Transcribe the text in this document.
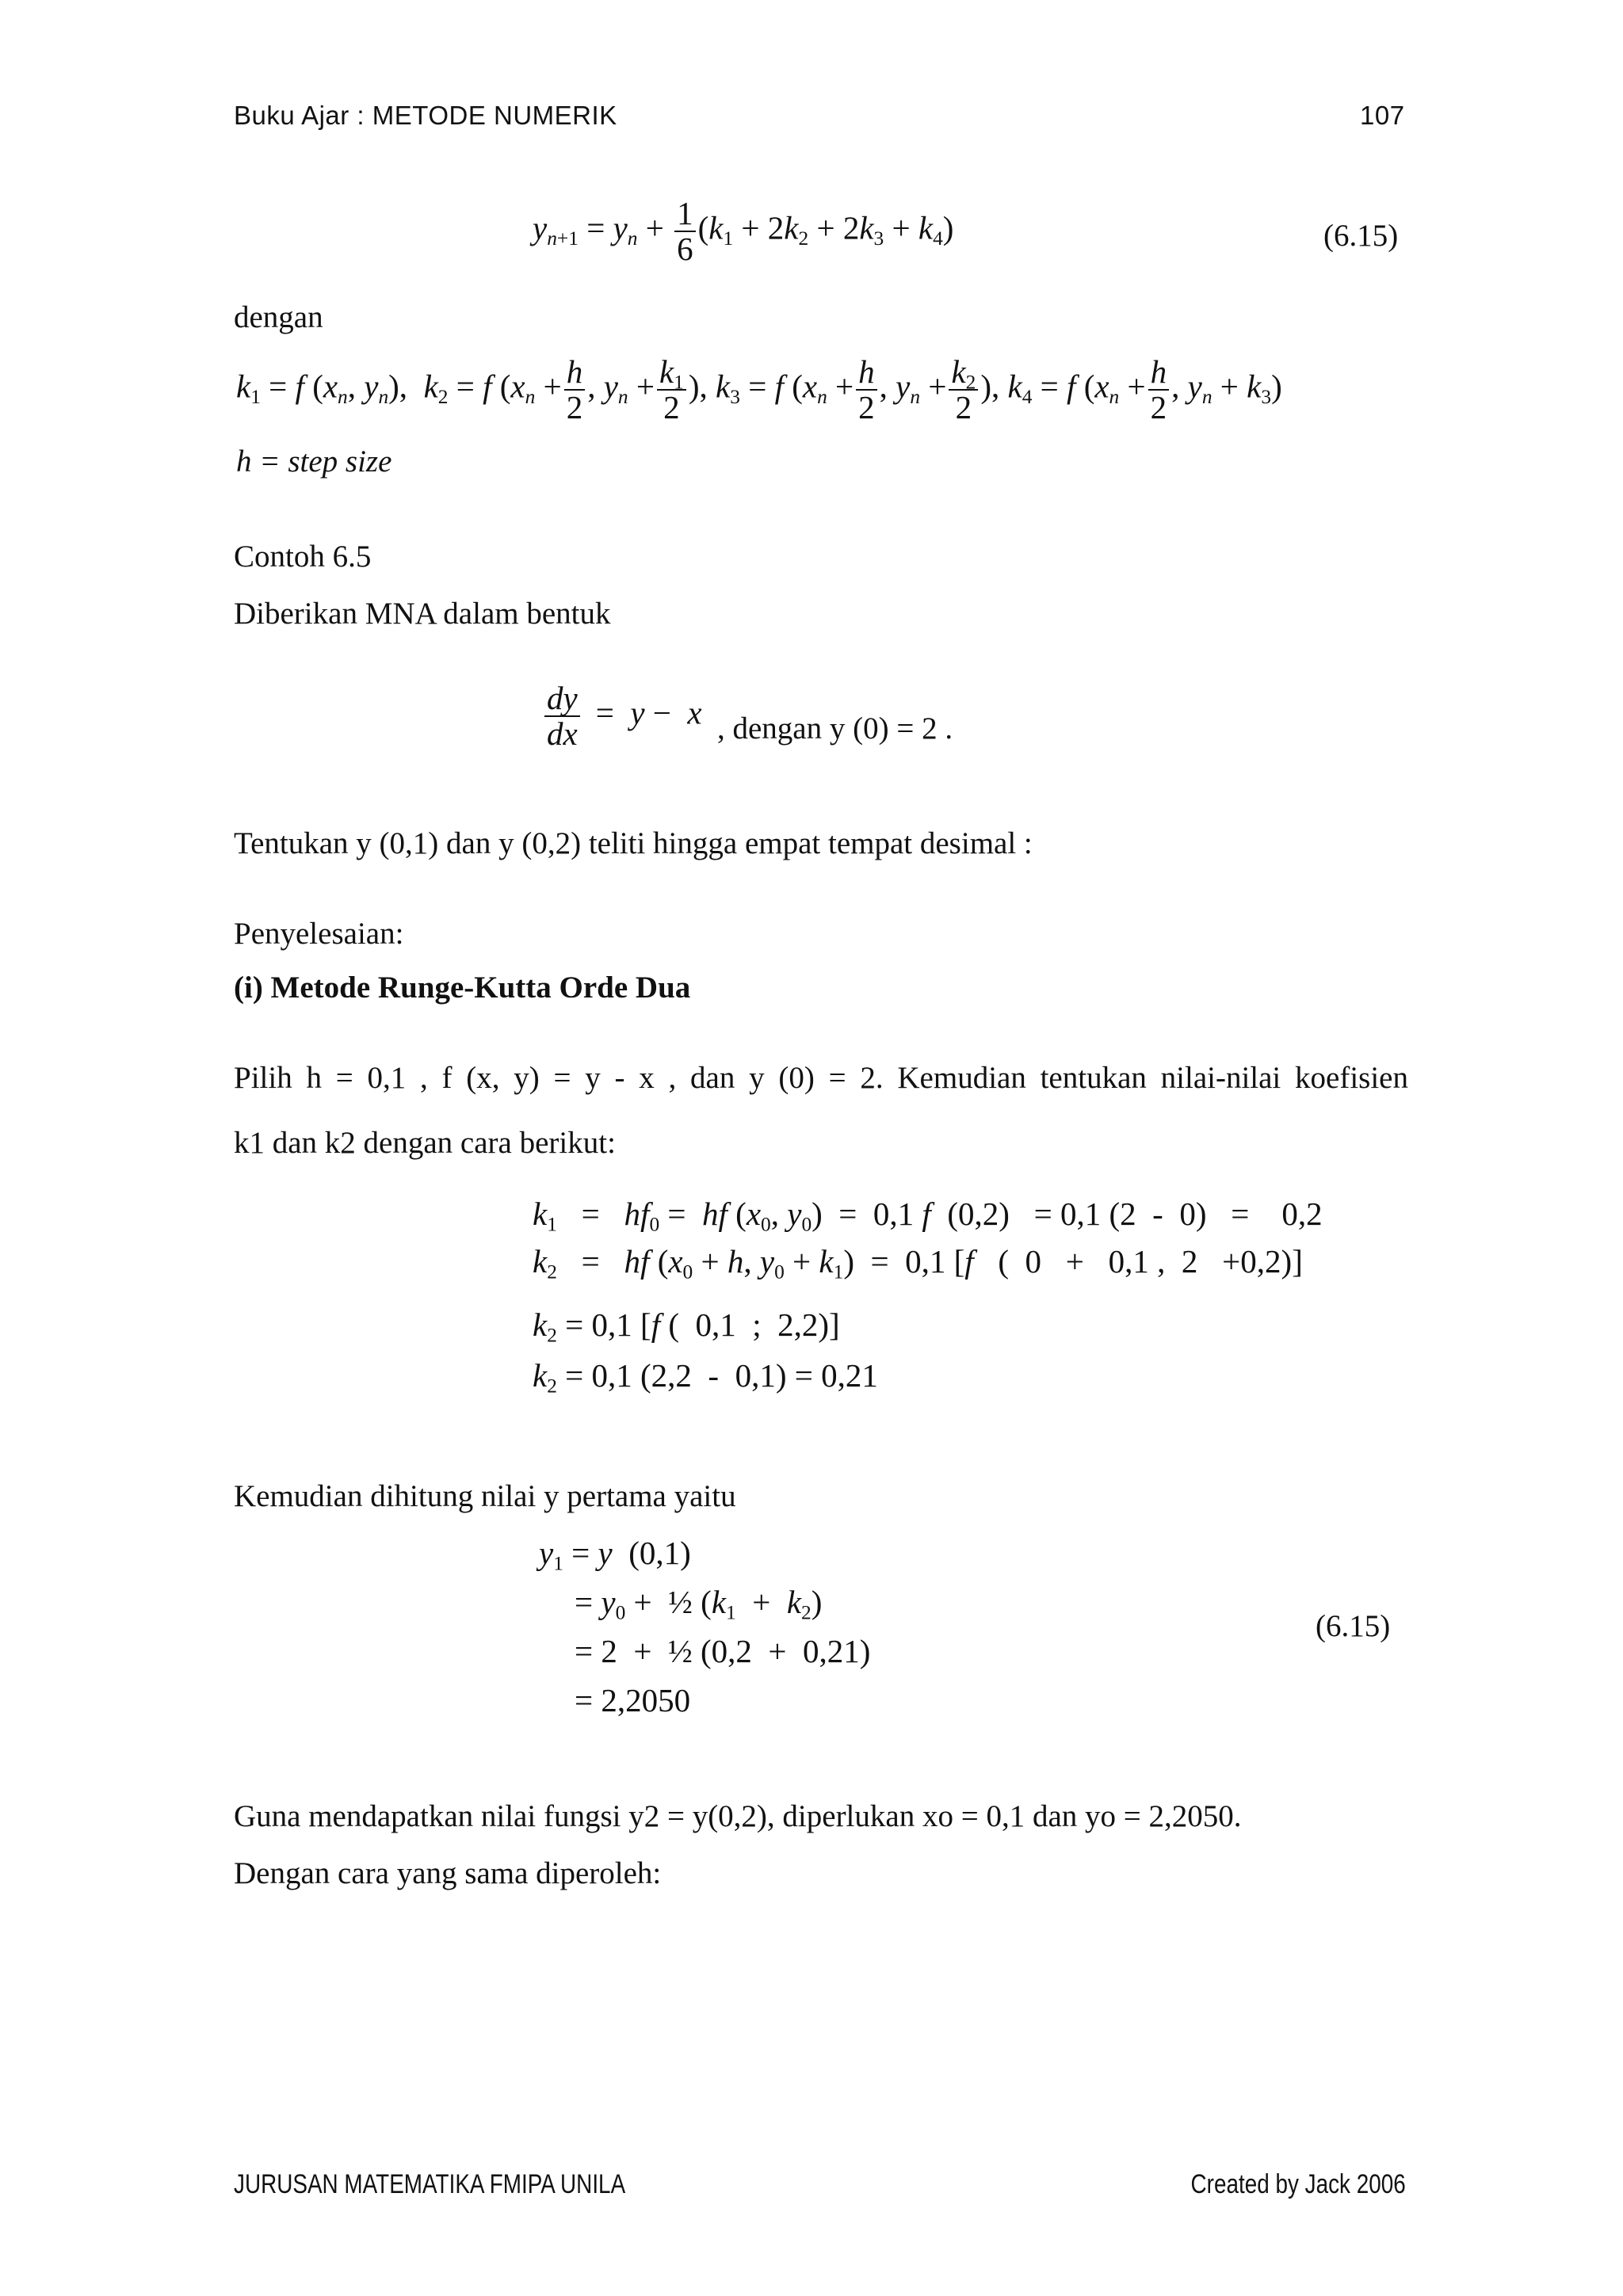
Buku Ajar : METODE NUMERIK	107
$y_{n+1} = y_n + \frac{1}{6} (k_1 + 2k_2 + 2k_3 + k_4)$	(6.15)
dengan
$k_1 = f$ ($x_n$, $y_n$),  $k_2 = f$ ($x_n + \frac{h}{2}$ , $y_n + \frac{k_1}{2}$ ), $k_3 = f$ ($x_n + \frac{h}{2}$ , $y_n + \frac{k_2}{2}$ ), $k_4 = f$ ($x_n + \frac{h}{2}$ , $y_n + k_3$)
h = step size
Contoh 6.5
Diberikan MNA dalam bentuk
$\frac{dy}{dx} = y - x$ , dengan y (0) = 2 .
Tentukan y (0,1) dan y (0,2) teliti hingga empat tempat desimal :
Penyelesaian:
(i) Metode Runge-Kutta Orde Dua
Pilih h = 0,1 , f (x, y) = y - x , dan y (0) = 2. Kemudian tentukan nilai-nilai koefisien
k1 dan k2 dengan cara berikut:
$k_1 = hf_0$ =  hf ($x_0$, $y_0) = 0,1$ f  (0,2)   = 0,1 (2  -  0)   =    0,2
$k_2$   =   hf ($x_0 + h$, $y_0 + k_1) = 0,1$ [f   (  0   +   0,1 ,  2   +0,2)]
$k_2 = 0,1$ [f (  0,1  ;  2,2)]
$k_2 = 0,1$ (2,2  -  0,1) = 0,21
Kemudian dihitung nilai y pertama yaitu
$y_1 = y$  (0,1)
= $y_0$ +  ½ $(k_1 + k_2)$
= 2  +  ½ (0,2  +  0,21)
= 2,2050
(6.15)
Guna mendapatkan nilai fungsi y2 = y(0,2), diperlukan xo = 0,1 dan yo = 2,2050.
Dengan cara yang sama diperoleh:
JURUSAN MATEMATIKA FMIPA UNILA	Created by Jack 2006
